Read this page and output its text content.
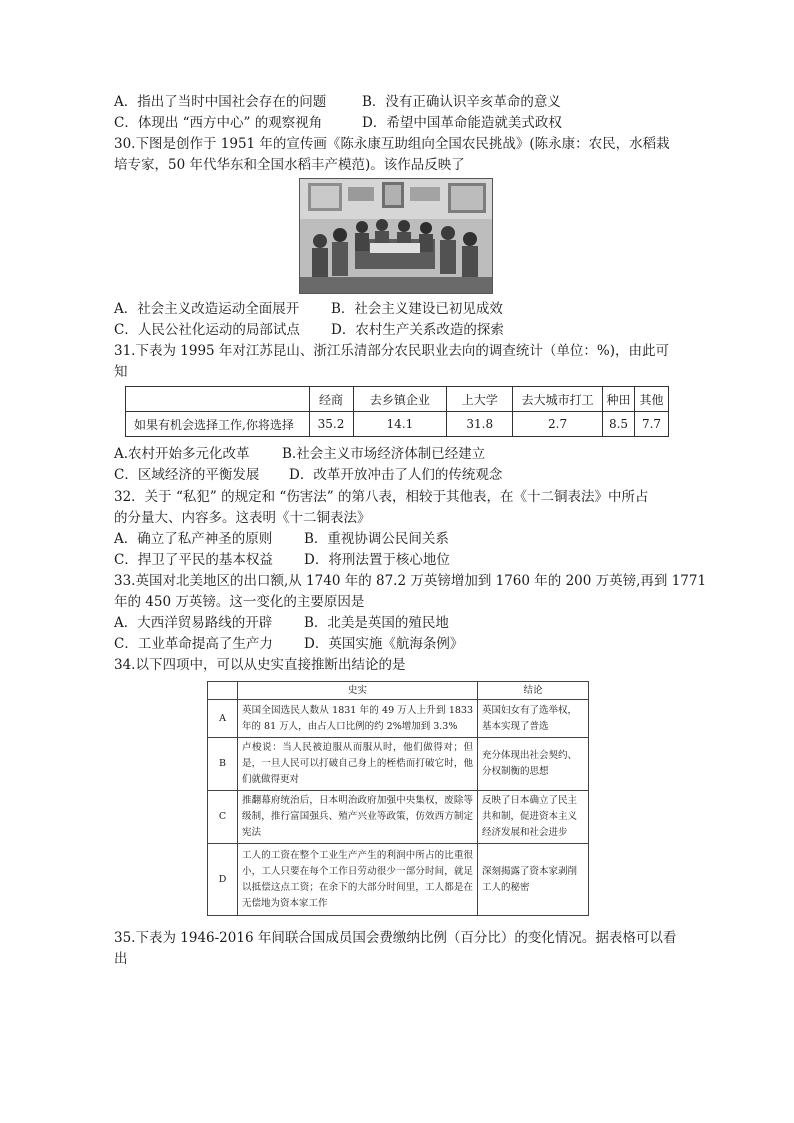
A．指出了当时中国社会存在的问题	B．没有正确认识辛亥革命的意义
C．体现出 “西方中心” 的观察视角	D．希望中国革命能造就美式政权
30.下图是创作于 1951 年的宣传画《陈永康互助组向全国农民挑战》(陈永康：农民，水稻栽
培专家，50 年代华东和全国水稻丰产模范)。该作品反映了
A．社会主义改造运动全面展开 B．社会主义建设已初见成效
C．人民公社化运动的局部试点 D．农村生产关系改造的探索
31.下表为 1995 年对江苏昆山、浙江乐清部分农民职业去向的调查统计（单位：%)，由此可
知
	经商	去乡镇企业	上大学	去大城市打工	种田	其他
如果有机会选择工作,你将选择	35.2	14.1	31.8	2.7	8.5	7.7
A.农村开始多元化改革 B.社会主义市场经济体制已经建立
C．区域经济的平衡发展 D．改革开放冲击了人们的传统观念
32．关于 “私犯” 的规定和 “伤害法” 的第八表，相较于其他表，在《十二铜表法》中所占
的分量大、内容多。这表明《十二铜表法》
A．确立了私产神圣的原则 B．重视协调公民间关系
C．捍卫了平民的基本权益 D．将刑法置于核心地位
33.英国对北美地区的出口额,从 1740 年的 87.2 万英镑增加到 1760 年的 200 万英镑,再到 1771
年的 450 万英镑。这一变化的主要原因是
A．大西洋贸易路线的开辟 B．北美是英国的殖民地
C．工业革命提高了生产力 D．英国实施《航海条例》
34.以下四项中，可以从史实直接推断出结论的是
	史实	结论
A	英国全国选民人数从 1831 年的 49 万人上升到 1833 年的 81 万人，由占人口比例的约 2%增加到 3.3%	英国妇女有了选举权，基本实现了普选
B	卢梭说：当人民被迫服从而服从时，他们做得对；但是，一旦人民可以打破自己身上的桎梏而打破它时，他们就做得更对	充分体现出社会契约、分权制衡的思想
C	推翻幕府统治后，日本明治政府加强中央集权，废除等级制，推行富国强兵、殖产兴业等政策，仿效西方制定宪法	反映了日本确立了民主共和制，促进资本主义经济发展和社会进步
D	工人的工资在整个工业生产产生的利润中所占的比重很小，工人只要在每个工作日劳动很少一部分时间，就足以抵偿这点工资；在余下的大部分时间里，工人都是在无偿地为资本家工作	深刻揭露了资本家剥削工人的秘密
35.下表为 1946-2016 年间联合国成员国会费缴纳比例（百分比）的变化情况。据表格可以看
出
